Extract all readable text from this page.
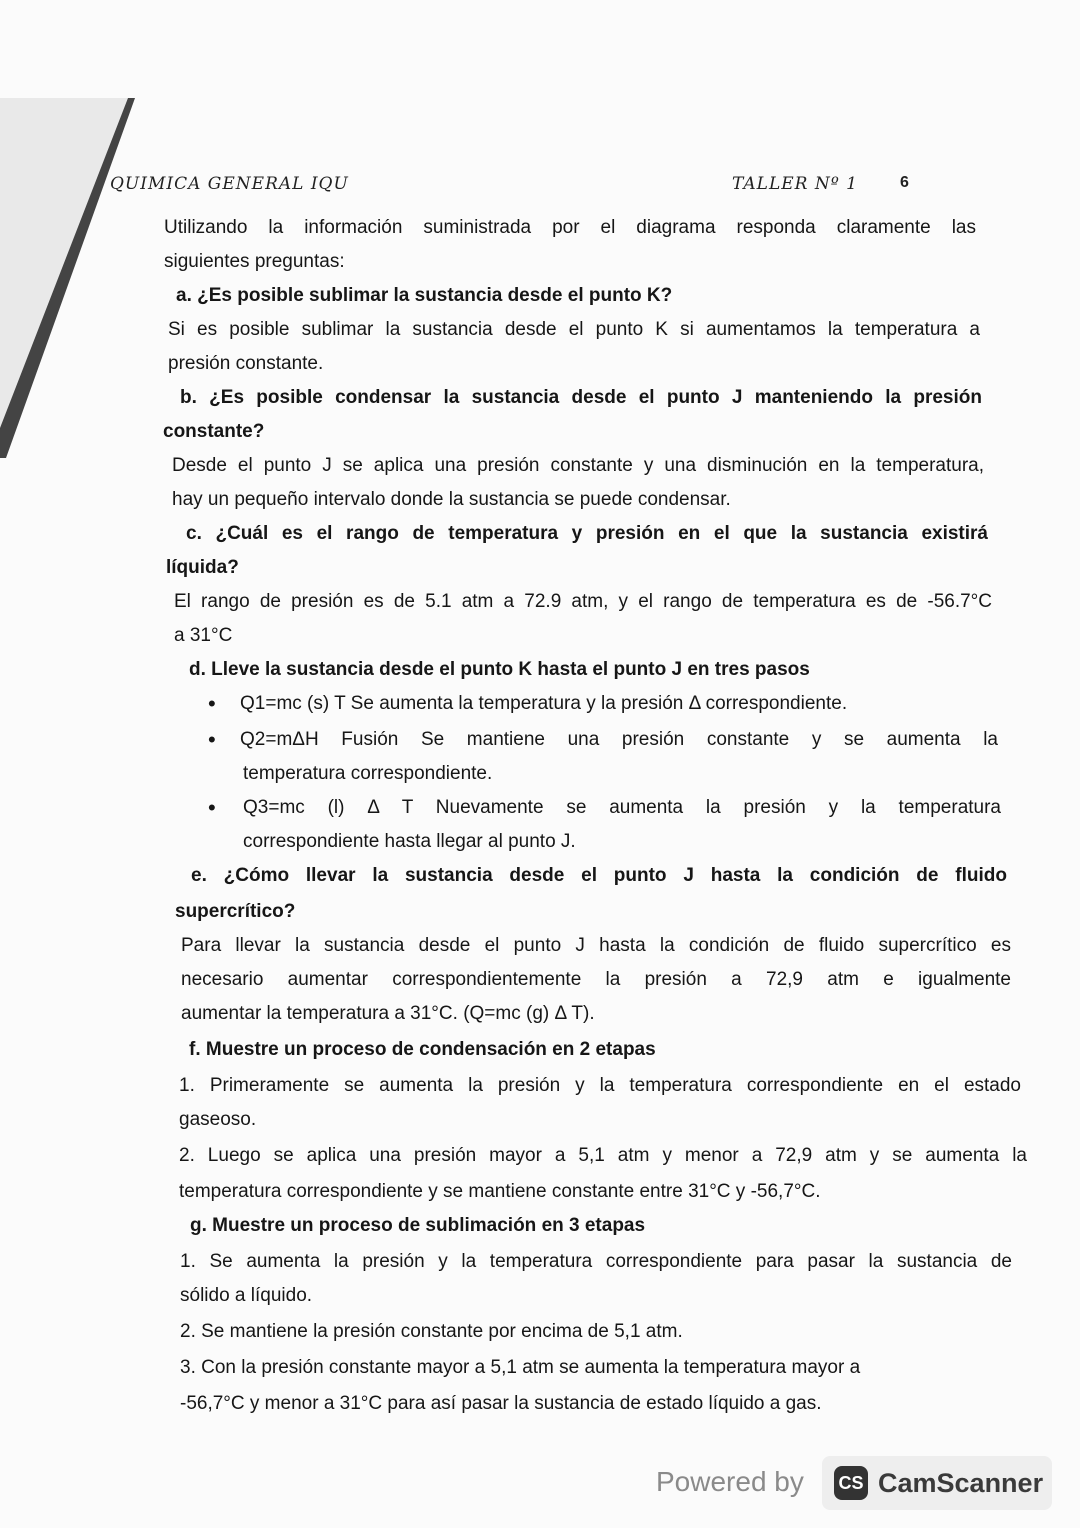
QUIMICA GENERAL IQU	TALLER Nº 1	6
Utilizando la información suministrada por el diagrama responda claramente las
siguientes preguntas:
a. ¿Es posible sublimar la sustancia desde el punto K?
Si es posible sublimar la sustancia desde el punto K si aumentamos la temperatura a
presión constante.
b. ¿Es posible condensar la sustancia desde el punto J manteniendo la presión
constante?
Desde el punto J se aplica una presión constante y una disminución en la temperatura,
hay un pequeño intervalo donde la sustancia se puede condensar.
c. ¿Cuál es el rango de temperatura y presión en el que la sustancia existirá
líquida?
El rango de presión es de 5.1 atm a 72.9 atm, y el rango de temperatura es de -56.7°C
a 31°C
d. Lleve la sustancia desde el punto K hasta el punto J en tres pasos
• Q1=mc (s) T Se aumenta la temperatura y la presión Δ correspondiente.
• Q2=mΔH Fusión Se mantiene una presión constante y se aumenta la
temperatura correspondiente.
• Q3=mc (l) Δ T Nuevamente se aumenta la presión y la temperatura
correspondiente hasta llegar al punto J.
e. ¿Cómo llevar la sustancia desde el punto J hasta la condición de fluido
supercrítico?
Para llevar la sustancia desde el punto J hasta la condición de fluido supercrítico es
necesario aumentar correspondientemente la presión a 72,9 atm e igualmente
aumentar la temperatura a 31°C. (Q=mc (g) Δ T).
f. Muestre un proceso de condensación en 2 etapas
1. Primeramente se aumenta la presión y la temperatura correspondiente en el estado
gaseoso.
2. Luego se aplica una presión mayor a 5,1 atm y menor a 72,9 atm y se aumenta la
temperatura correspondiente y se mantiene constante entre 31°C y -56,7°C.
g. Muestre un proceso de sublimación en 3 etapas
1. Se aumenta la presión y la temperatura correspondiente para pasar la sustancia de
sólido a líquido.
2. Se mantiene la presión constante por encima de 5,1 atm.
3. Con la presión constante mayor a 5,1 atm se aumenta la temperatura mayor a
-56,7°C y menor a 31°C para así pasar la sustancia de estado líquido a gas.
Powered by CS CamScanner
